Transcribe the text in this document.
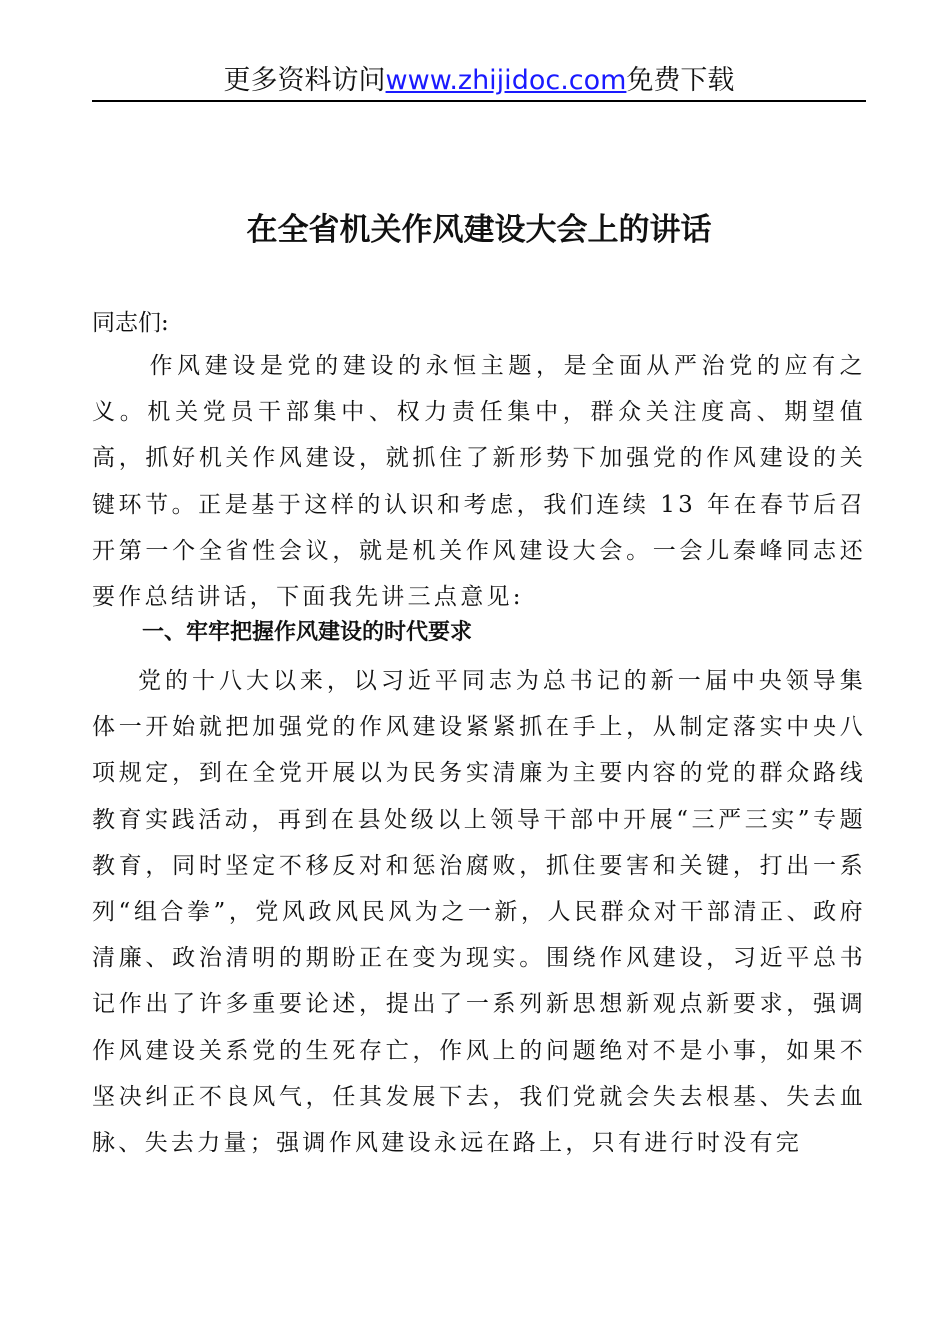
更多资料访问www.zhijidoc.com免费下载
在全省机关作风建设大会上的讲话
同志们:
作风建设是党的建设的永恒主题，是全面从严治党的应有之义。机关党员干部集中、权力责任集中，群众关注度高、期望值高，抓好机关作风建设，就抓住了新形势下加强党的作风建设的关键环节。正是基于这样的认识和考虑，我们连续 13 年在春节后召开第一个全省性会议，就是机关作风建设大会。一会儿秦峰同志还要作总结讲话，下面我先讲三点意见:
一、牢牢把握作风建设的时代要求
党的十八大以来，以习近平同志为总书记的新一届中央领导集体一开始就把加强党的作风建设紧紧抓在手上，从制定落实中央八项规定，到在全党开展以为民务实清廉为主要内容的党的群众路线教育实践活动，再到在县处级以上领导干部中开展“三严三实”专题教育，同时坚定不移反对和惩治腐败，抓住要害和关键，打出一系列“组合拳”，党风政风民风为之一新，人民群众对干部清正、政府清廉、政治清明的期盼正在变为现实。围绕作风建设，习近平总书记作出了许多重要论述，提出了一系列新思想新观点新要求，强调作风建设关系党的生死存亡，作风上的问题绝对不是小事，如果不坚决纠正不良风气，任其发展下去，我们党就会失去根基、失去血脉、失去力量；强调作风建设永远在路上，只有进行时没有完
